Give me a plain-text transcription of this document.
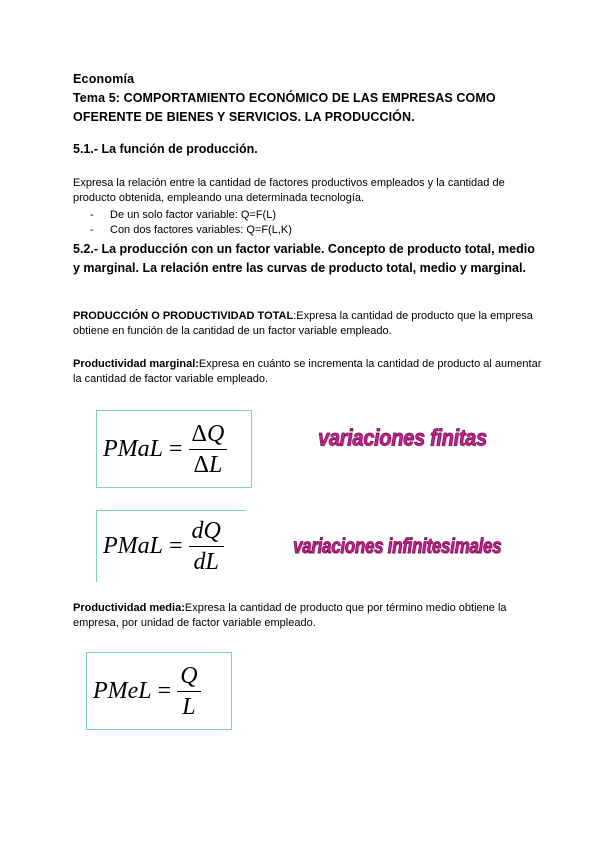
Economía
Tema 5: COMPORTAMIENTO ECONÓMICO DE LAS EMPRESAS COMO OFERENTE DE BIENES Y SERVICIOS. LA PRODUCCIÓN.
5.1.- La función de producción.
Expresa la relación entre la cantidad de factores productivos empleados y la cantidad de producto obtenida, empleando una determinada tecnología.
- De un solo factor variable: Q=F(L)
- Con dos factores variables: Q=F(L,K)
5.2.- La producción con un factor variable. Concepto de producto total, medio y marginal. La relación entre las curvas de producto total, medio y marginal.
PRODUCCIÓN O PRODUCTIVIDAD TOTAL:Expresa la cantidad de producto que la empresa obtiene en función de la cantidad de un factor variable empleado.
Productividad marginal:Expresa en cuánto se incrementa la cantidad de producto al aumentar la cantidad de factor variable empleado.
PMaL = $\frac{\Delta Q}{\Delta L}$	variaciones finitas
PMaL = $\frac{dQ}{dL}$	variaciones infinitesimales
Productividad media:Expresa la cantidad de producto que por término medio obtiene la empresa, por unidad de factor variable empleado.
PMeL = $\frac{Q}{L}$
